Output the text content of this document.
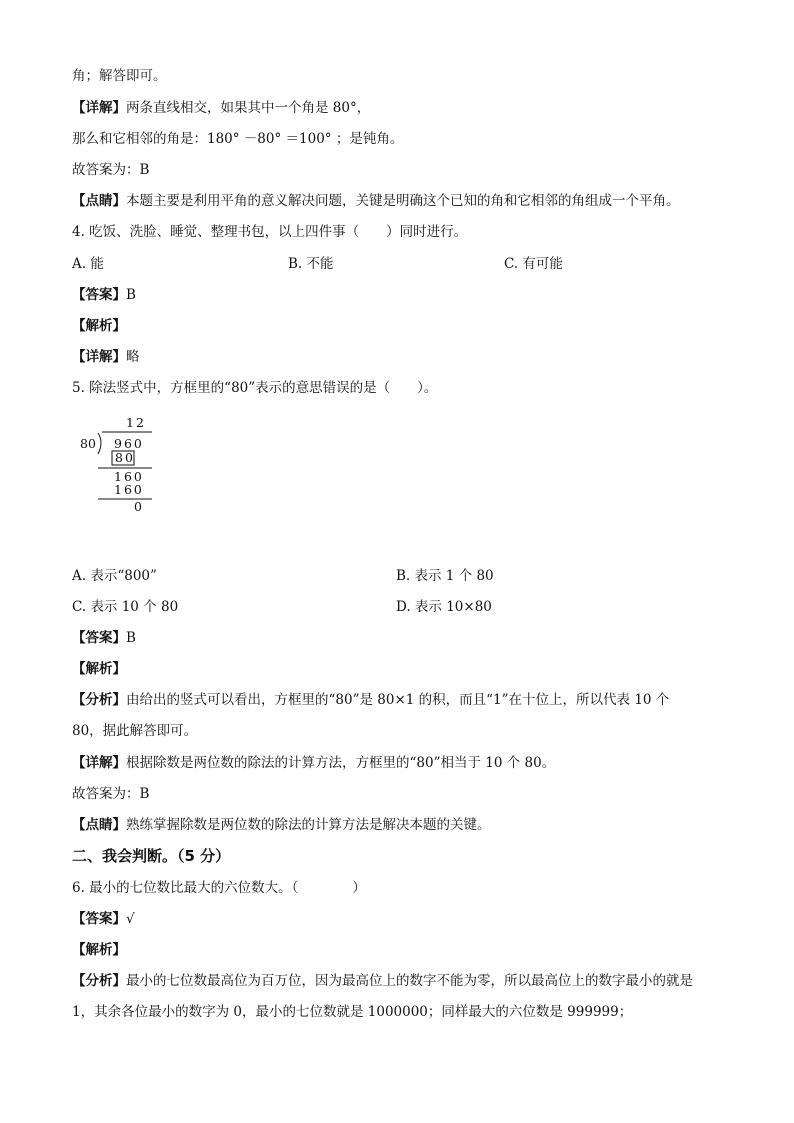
角；解答即可。
【详解】两条直线相交，如果其中一个角是 80°，
那么和它相邻的角是：180° －80° ＝100° ；是钝角。
故答案为：B
【点睛】本题主要是利用平角的意义解决问题，关键是明确这个已知的角和它相邻的角组成一个平角。
4. 吃饭、洗脸、睡觉、整理书包，以上四件事（　　）同时进行。
A. 能	B. 不能	C. 有可能
【答案】B
【解析】
【详解】略
5. 除法竖式中，方框里的“80”表示的意思错误的是（　　）。
12
80 960
80
160
160
0
A. 表示“800”	B. 表示 1 个 80
C. 表示 10 个 80	D. 表示 10×80
【答案】B
【解析】
【分析】由给出的竖式可以看出，方框里的“80”是 80×1 的积，而且“1”在十位上，所以代表 10 个
80，据此解答即可。
【详解】根据除数是两位数的除法的计算方法，方框里的“80”相当于 10 个 80。
故答案为：B
【点睛】熟练掌握除数是两位数的除法的计算方法是解决本题的关键。
二、我会判断。（5 分）
6. 最小的七位数比最大的六位数大。（　　　　）
【答案】√
【解析】
【分析】最小的七位数最高位为百万位，因为最高位上的数字不能为零，所以最高位上的数字最小的就是
1，其余各位最小的数字为 0，最小的七位数就是 1000000；同样最大的六位数是 999999；
